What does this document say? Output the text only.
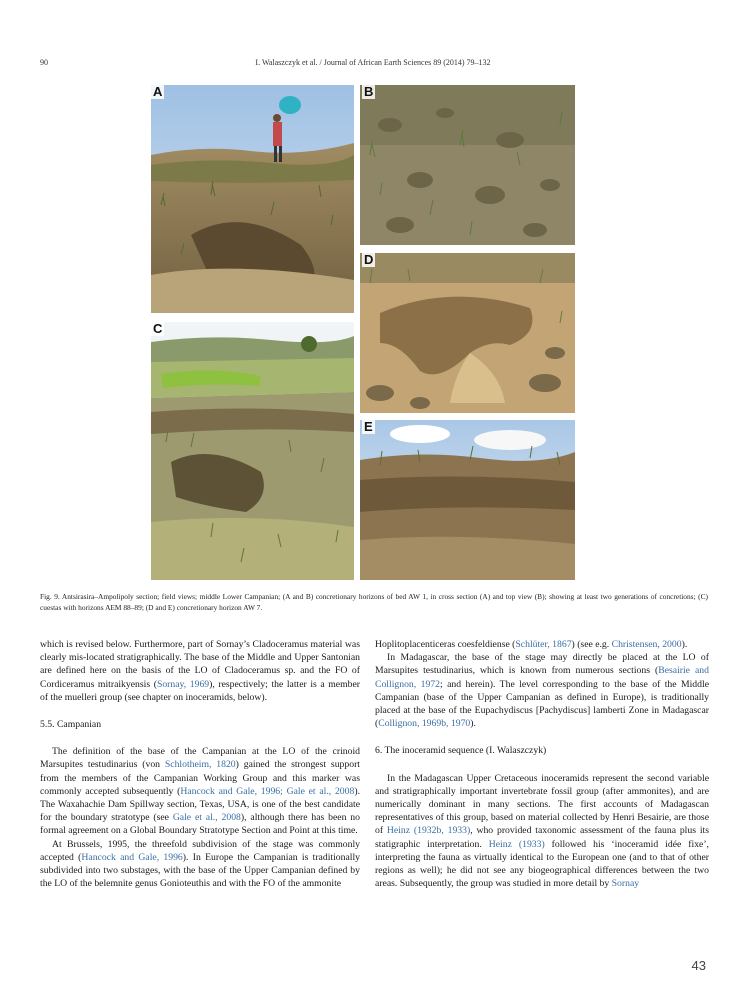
90	I. Walaszczyk et al. / Journal of African Earth Sciences 89 (2014) 79–132
A	B
C
D
E
Fig. 9. Antsirasira–Ampolipoly section; field views; middle Lower Campanian; (A and B) concretionary horizons of bed AW 1, in cross section (A) and top view (B); showing at least two generations of concretions; (C) cuestas with horizons AEM 88–89; (D and E) concretionary horizon AW 7.

which is revised below. Furthermore, part of Sornay’s Cladoceramus material was clearly mis-located stratigraphically. The base of the Middle and Upper Santonian are defined here on the basis of the LO of Cladoceramus sp. and the FO of Cordiceramus mitraikyensis (Sornay, 1969), respectively; the latter is a member of the muelleri group (see chapter on inoceramids, below).

5.5. Campanian

The definition of the base of the Campanian at the LO of the crinoid Marsupites testudinarius (von Schlotheim, 1820) gained the strongest support from the members of the Campanian Working Group and this marker was commonly accepted subsequently (Hancock and Gale, 1996; Gale et al., 2008). The Waxahachie Dam Spillway section, Texas, USA, is one of the best candidate for the boundary stratotype (see Gale et al., 2008), although there has been no formal agreement on a Global Boundary Stratotype Section and Point at this time.

At Brussels, 1995, the threefold subdivision of the stage was commonly accepted (Hancock and Gale, 1996). In Europe the Campanian is traditionally subdivided into two substages, with the base of the Upper Campanian defined by the LO of the belemnite genus Gonioteuthis and with the FO of the ammonite

Hoplitoplacenticeras coesfeldiense (Schlüter, 1867) (see e.g. Christensen, 2000).

In Madagascar, the base of the stage may directly be placed at the LO of Marsupites testudinarius, which is known from numerous sections (Besairie and Collignon, 1972; and herein). The level corresponding to the base of the Middle Campanian (base of the Upper Campanian as defined in Europe), is traditionally placed at the base of the Eupachydiscus [Pachydiscus] lamberti Zone in Madagascar (Collignon, 1969b, 1970).

6. The inoceramid sequence (I. Walaszczyk)

In the Madagascan Upper Cretaceous inoceramids represent the second variable and stratigraphically important invertebrate fossil group (after ammonites), and are numerically dominant in many sections. The first accounts of Madagascan representatives of this group, based on material collected by Henri Besairie, are those of Heinz (1932b, 1933), who provided taxonomic assessment of the fauna plus its statigraphic interpretation. Heinz (1933) followed his ‘inoceramid idée fixe’, interpreting the fauna as virtually identical to the European one (and to that of other regions as well); he did not see any biogeographical differences between the two areas. Subsequently, the group was studied in more detail by Sornay

43
